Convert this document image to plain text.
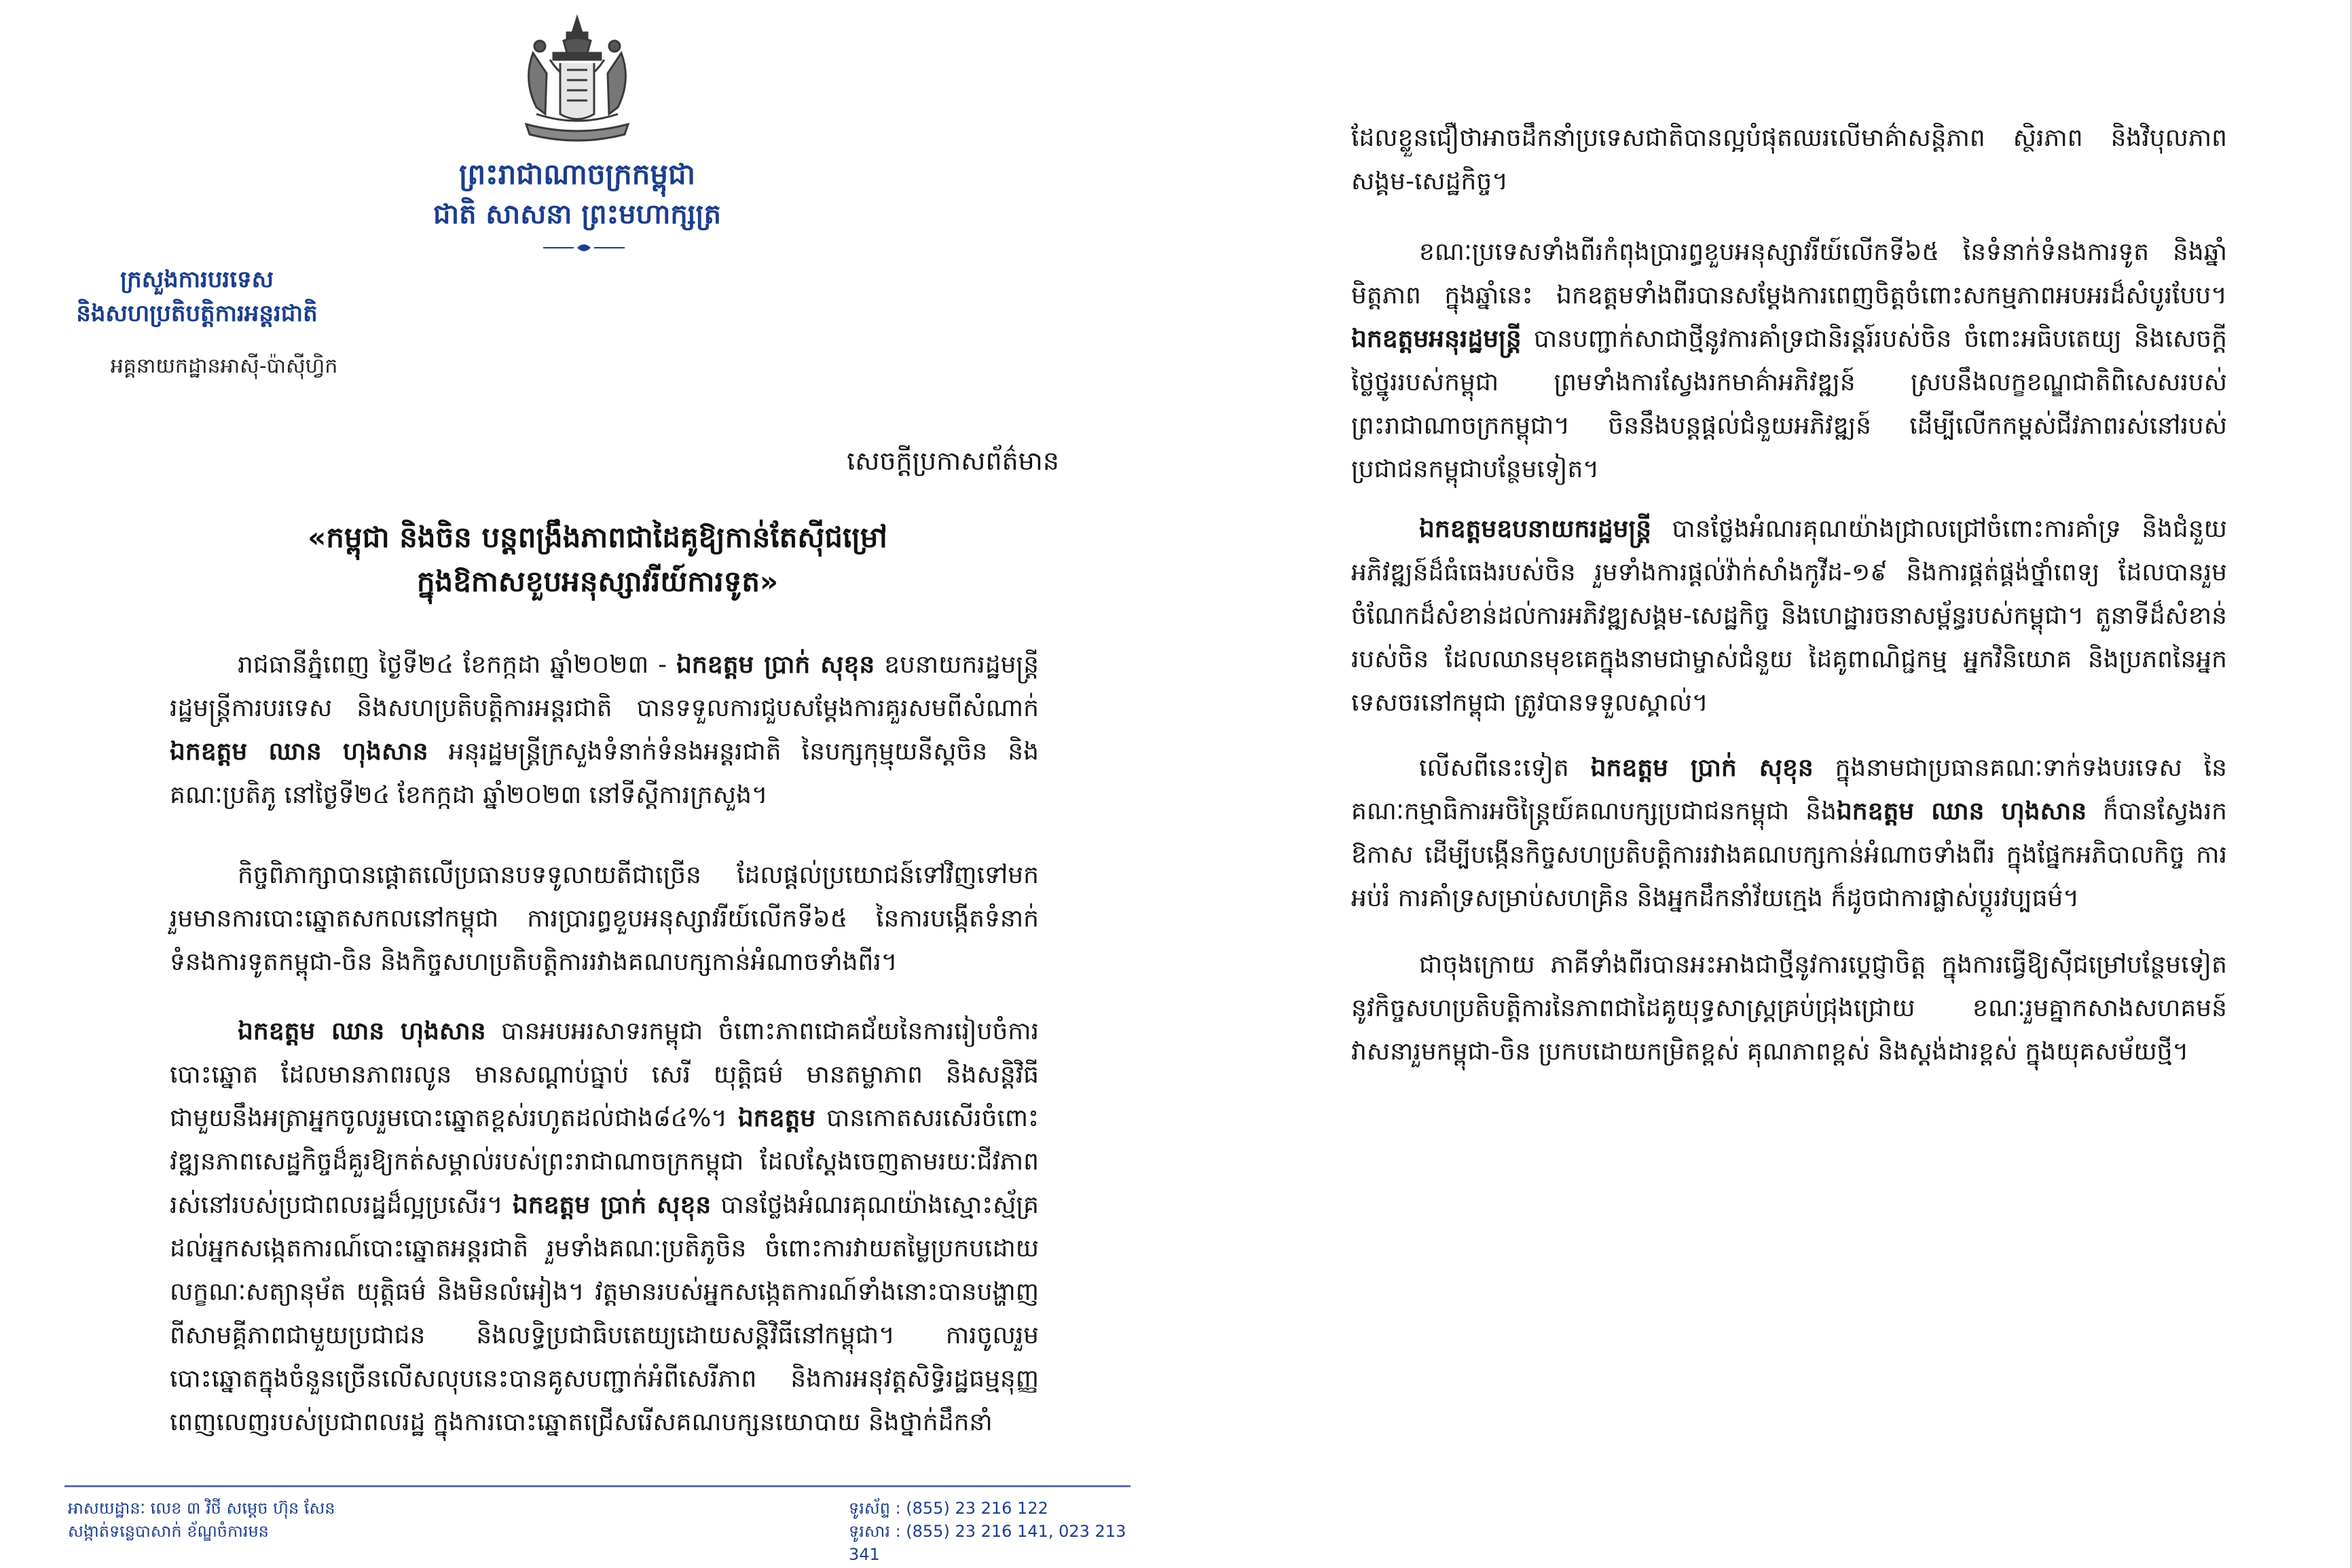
ព្រះរាជាណាចក្រកម្ពុជា
ជាតិ សាសនា ព្រះមហាក្សត្រ
ក្រសួងការបរទេស
និងសហប្រតិបត្តិការអន្តរជាតិ
អគ្គនាយកដ្ឋានអាស៊ី-ប៉ាស៊ីហ្វិក
សេចក្តីប្រកាសព័ត៌មាន
«កម្ពុជា និងចិន បន្តពង្រឹងភាពជាដៃគូឱ្យកាន់តែស៊ីជម្រៅ
ក្នុងឱកាសខួបអនុស្សាវរីយ៍ការទូត»

រាជធានីភ្នំពេញ ថ្ងៃទី២៤ ខែកក្កដា ឆ្នាំ២០២៣ - ឯកឧត្តម ប្រាក់ សុខុន ឧបនាយករដ្ឋមន្ត្រី រដ្ឋមន្ត្រីការបរទេស និងសហប្រតិបត្តិការអន្តរជាតិ បានទទួលការជួបសម្តែងការគួរសមពីសំណាក់ ឯកឧត្តម ឈាន ហុងសាន អនុរដ្ឋមន្ត្រីក្រសួងទំនាក់ទំនងអន្តរជាតិ នៃបក្សកុម្មុយនីស្តចិន និងគណៈប្រតិភូ នៅថ្ងៃទី២៤ ខែកក្កដា ឆ្នាំ២០២៣ នៅទីស្តីការក្រសួង។

កិច្ចពិភាក្សាបានផ្តោតលើប្រធានបទទូលាយតីជាច្រើន ដែលផ្តល់ប្រយោជន៍ទៅវិញទៅមក រួមមានការបោះឆ្នោតសកលនៅកម្ពុជា ការប្រារព្ធខួបអនុស្សាវរីយ៍លើកទី៦៥ នៃការបង្កើតទំនាក់ទំនងការទូតកម្ពុជា-ចិន និងកិច្ចសហប្រតិបត្តិការរវាងគណបក្សកាន់អំណាចទាំងពីរ។

ឯកឧត្តម ឈាន ហុងសាន បានអបអរសាទរកម្ពុជា ចំពោះភាពជោគជ័យនៃការរៀបចំការបោះឆ្នោត ដែលមានភាពរលូន មានសណ្តាប់ធ្នាប់ សេរី យុត្តិធម៌ មានតម្លាភាព និងសន្តិវិធី ជាមួយនឹងអត្រាអ្នកចូលរួមបោះឆ្នោតខ្ពស់រហូតដល់ជាង៨៤%។ ឯកឧត្តម បានកោតសរសើរចំពោះវឌ្ឍនភាពសេដ្ឋកិច្ចដ៏គួរឱ្យកត់សម្គាល់របស់ព្រះរាជាណាចក្រកម្ពុជា ដែលស្តែងចេញតាមរយៈជីវភាពរស់នៅរបស់ប្រជាពលរដ្ឋដ៏ល្អប្រសើរ។ ឯកឧត្តម ប្រាក់ សុខុន បានថ្លែងអំណរគុណយ៉ាងស្មោះស្ម័គ្រដល់អ្នកសង្កេតការណ៍បោះឆ្នោតអន្តរជាតិ រួមទាំងគណៈប្រតិភូចិន ចំពោះការវាយតម្លៃប្រកបដោយលក្ខណៈសត្យានុម័ត យុត្តិធម៌ និងមិនលំអៀង។ វត្តមានរបស់អ្នកសង្កេតការណ៍ទាំងនោះបានបង្ហាញពីសាមគ្គីភាពជាមួយប្រជាជន និងលទ្ធិប្រជាធិបតេយ្យដោយសន្តិវិធីនៅកម្ពុជា។ ការចូលរួមបោះឆ្នោតក្នុងចំនួនច្រើនលើសលុបនេះបានគូសបញ្ជាក់អំពីសេរីភាព និងការអនុវត្តសិទ្ធិរដ្ឋធម្មនុញ្ញពេញលេញរបស់ប្រជាពលរដ្ឋ ក្នុងការបោះឆ្នោតជ្រើសរើសគណបក្សនយោបាយ និងថ្នាក់ដឹកនាំ

អាសយដ្ឋានៈ លេខ ៣ វិថី សម្តេច ហ៊ុន សែន
សង្កាត់ទន្លេបាសាក់ ខ័ណ្ឌចំការមន
ទូរស័ព្ទ : (855) 23 216 122
ទូរសារ : (855) 23 216 141, 023 213 341

ដែលខ្លួនជឿថាអាចដឹកនាំប្រទេសជាតិបានល្អបំផុតឈរលើមាគ៌ាសន្តិភាព ស្ថិរភាព និងវិបុលភាពសង្គម-សេដ្ឋកិច្ច។

ខណៈប្រទេសទាំងពីរកំពុងប្រារព្ធខួបអនុស្សាវរីយ៍លើកទី៦៥ នៃទំនាក់ទំនងការទូត និងឆ្នាំមិត្តភាព ក្នុងឆ្នាំនេះ ឯកឧត្តមទាំងពីរបានសម្តែងការពេញចិត្តចំពោះសកម្មភាពអបអរដ៏សំបូរបែប។ ឯកឧត្តមអនុរដ្ឋមន្ត្រី បានបញ្ជាក់សាជាថ្មីនូវការគាំទ្រជានិរន្តរ៍របស់ចិន ចំពោះអធិបតេយ្យ និងសេចក្តីថ្លៃថ្នូររបស់កម្ពុជា ព្រមទាំងការស្វែងរកមាគ៌ាអភិវឌ្ឍន៍ ស្របនឹងលក្ខខណ្ឌជាតិពិសេសរបស់ព្រះរាជាណាចក្រកម្ពុជា។ ចិននឹងបន្តផ្តល់ជំនួយអភិវឌ្ឍន៍ ដើម្បីលើកកម្ពស់ជីវភាពរស់នៅរបស់ប្រជាជនកម្ពុជាបន្ថែមទៀត។

ឯកឧត្តមឧបនាយករដ្ឋមន្ត្រី បានថ្លែងអំណរគុណយ៉ាងជ្រាលជ្រៅចំពោះការគាំទ្រ និងជំនួយអភិវឌ្ឍន៍ដ៏ធំធេងរបស់ចិន រួមទាំងការផ្តល់វ៉ាក់សាំងកូវីដ-១៩ និងការផ្គត់ផ្គង់ថ្នាំពេទ្យ ដែលបានរួមចំណែកដ៏សំខាន់ដល់ការអភិវឌ្ឍសង្គម-សេដ្ឋកិច្ច និងហេដ្ឋារចនាសម្ព័ន្ធរបស់កម្ពុជា។ តួនាទីដ៏សំខាន់របស់ចិន ដែលឈានមុខគេក្នុងនាមជាម្ចាស់ជំនួយ ដៃគូពាណិជ្ជកម្ម អ្នកវិនិយោគ និងប្រភពនៃអ្នកទេសចរនៅកម្ពុជា ត្រូវបានទទួលស្គាល់។

លើសពីនេះទៀត ឯកឧត្តម ប្រាក់ សុខុន ក្នុងនាមជាប្រធានគណៈទាក់ទងបរទេស នៃគណៈកម្មាធិការអចិន្ត្រៃយ៍គណបក្សប្រជាជនកម្ពុជា និងឯកឧត្តម ឈាន ហុងសាន ក៏បានស្វែងរកឱកាស ដើម្បីបង្កើនកិច្ចសហប្រតិបត្តិការរវាងគណបក្សកាន់អំណាចទាំងពីរ ក្នុងផ្នែកអភិបាលកិច្ច ការអប់រំ ការគាំទ្រសម្រាប់សហគ្រិន និងអ្នកដឹកនាំវ័យក្មេង ក៏ដូចជាការផ្លាស់ប្តូរវប្បធម៌។

ជាចុងក្រោយ ភាគីទាំងពីរបានអះអាងជាថ្មីនូវការប្តេជ្ញាចិត្ត ក្នុងការធ្វើឱ្យស៊ីជម្រៅបន្ថែមទៀតនូវកិច្ចសហប្រតិបត្តិការនៃភាពជាដៃគូយុទ្ធសាស្ត្រគ្រប់ជ្រុងជ្រោយ ខណៈរួមគ្នាកសាងសហគមន៍វាសនារួមកម្ពុជា-ចិន ប្រកបដោយកម្រិតខ្ពស់ គុណភាពខ្ពស់ និងស្តង់ដារខ្ពស់ ក្នុងយុគសម័យថ្មី។
